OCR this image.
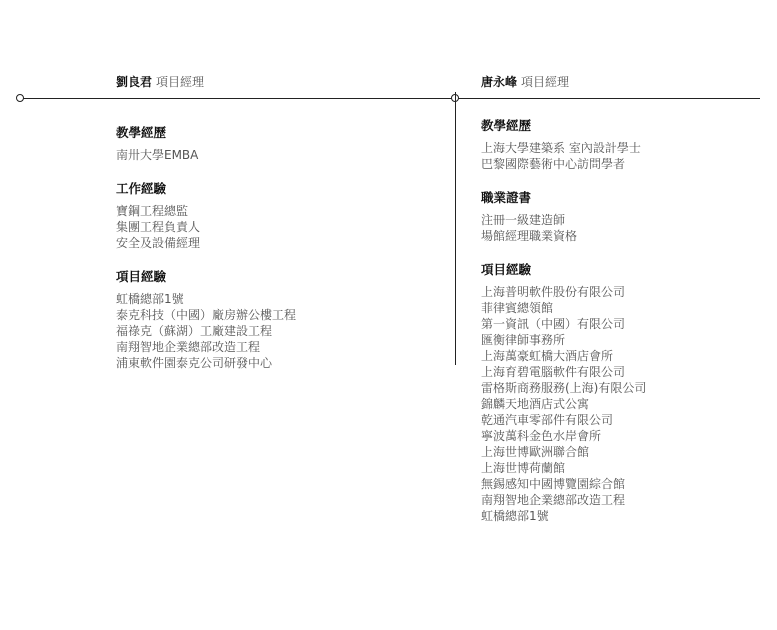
劉良君 項目經理
教學經歷
南卅大學EMBA
工作經驗
寶鋼工程總監
集團工程負責人
安全及設備經理
項目經驗
虹橋總部1號
泰克科技（中國）廠房辦公樓工程
福祿克（蘇湖）工廠建設工程
南翔智地企業總部改造工程
浦東軟件園泰克公司研發中心
唐永峰 項目經理
教學經歷
上海大學建築系 室內設計學士
巴黎國際藝術中心訪問學者
職業證書
注冊一級建造師
場館經理職業資格
項目經驗
上海普明軟件股份有限公司
菲律賓總領館
第一資訊（中國）有限公司
匯衡律師事務所
上海萬豪虹橋大酒店會所
上海育碧電腦軟件有限公司
雷格斯商務服務(上海)有限公司
錦麟天地酒店式公寓
乾通汽車零部件有限公司
寧波萬科金色水岸會所
上海世博歐洲聯合館
上海世博荷蘭館
無錫感知中國博覽園綜合館
南翔智地企業總部改造工程
虹橋總部1號
